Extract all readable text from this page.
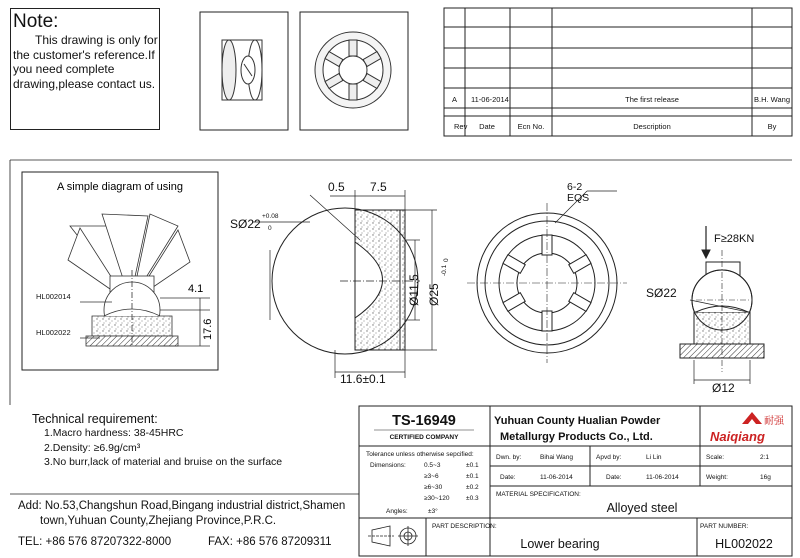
Note:
This drawing is only for the customer's reference.If you need complete drawing,please contact us.
A 11-06-2014	The first release	B.H. Wang
Rev Date	Ecn No.	Description	By
A simple diagram of using
HL002014
HL002022
4.1
17.6
0.5 7.5
SØ22
Ø11.5 Ø25
11.6±0.1
+0.08
0
0
-0.1
6-2
EQS
F≥28KN
SØ22
Ø12
TS-16949
CERTIFIED COMPANY
Yuhuan County Hualian Powder
Metallurgy Products Co., Ltd.
耐强
Naiqiang
Tolerance unless otherwise sepcified:
Dimensions:	0.5~3	±0.1
≥3~6	±0.1
≥6~30	±0.2
≥30~120	±0.3
Angles:	±3°
Dwn. by:	Bihai Wang	Apvd by:	Li Lin	Scale:	2:1
Date:	11-06-2014	Date:	11-06-2014	Weight:	16g
MATERIAL SPECIFICATION:
PART DESCRIPTION:	PART NUMBER:
Alloyed steel
Lower bearing	HL002022
Technical requirement:
1.Macro hardness: 38-45HRC
2.Density: ≥6.9g/cm³
3.No burr,lack of material and bruise on the surface
Add: No.53,Changshun Road,Bingang industrial district,Shamen
town,Yuhuan County,Zhejiang Province,P.R.C.
TEL: +86 576 87207322-8000	FAX: +86 576 87209311
